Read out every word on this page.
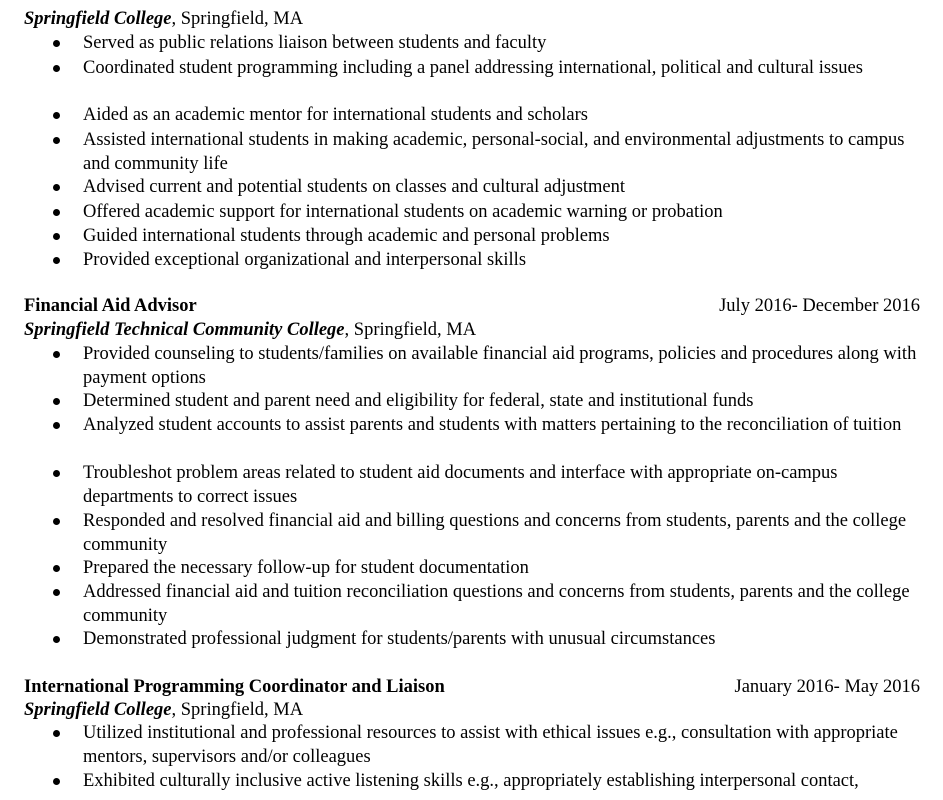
Springfield College, Springfield, MA
Served as public relations liaison between students and faculty
Coordinated student programming including a panel addressing international, political and cultural issues
Aided as an academic mentor for international students and scholars
Assisted international students in making academic, personal-social, and environmental adjustments to campus and community life
Advised current and potential students on classes and cultural adjustment
Offered academic support for international students on academic warning or probation
Guided international students through academic and personal problems
Provided exceptional organizational and interpersonal skills
Financial Aid Advisor	July 2016- December 2016
Springfield Technical Community College, Springfield, MA
Provided counseling to students/families on available financial aid programs, policies and procedures along with payment options
Determined student and parent need and eligibility for federal, state and institutional funds
Analyzed student accounts to assist parents and students with matters pertaining to the reconciliation of tuition
Troubleshot problem areas related to student aid documents and interface with appropriate on-campus departments to correct issues
Responded and resolved financial aid and billing questions and concerns from students, parents and the college community
Prepared the necessary follow-up for student documentation
Addressed financial aid and tuition reconciliation questions and concerns from students, parents and the college community
Demonstrated professional judgment for students/parents with unusual circumstances
International Programming Coordinator and Liaison	January 2016- May 2016
Springfield College, Springfield, MA
Utilized institutional and professional resources to assist with ethical issues e.g., consultation with appropriate mentors, supervisors and/or colleagues
Exhibited culturally inclusive active listening skills e.g., appropriately establishing interpersonal contact,
